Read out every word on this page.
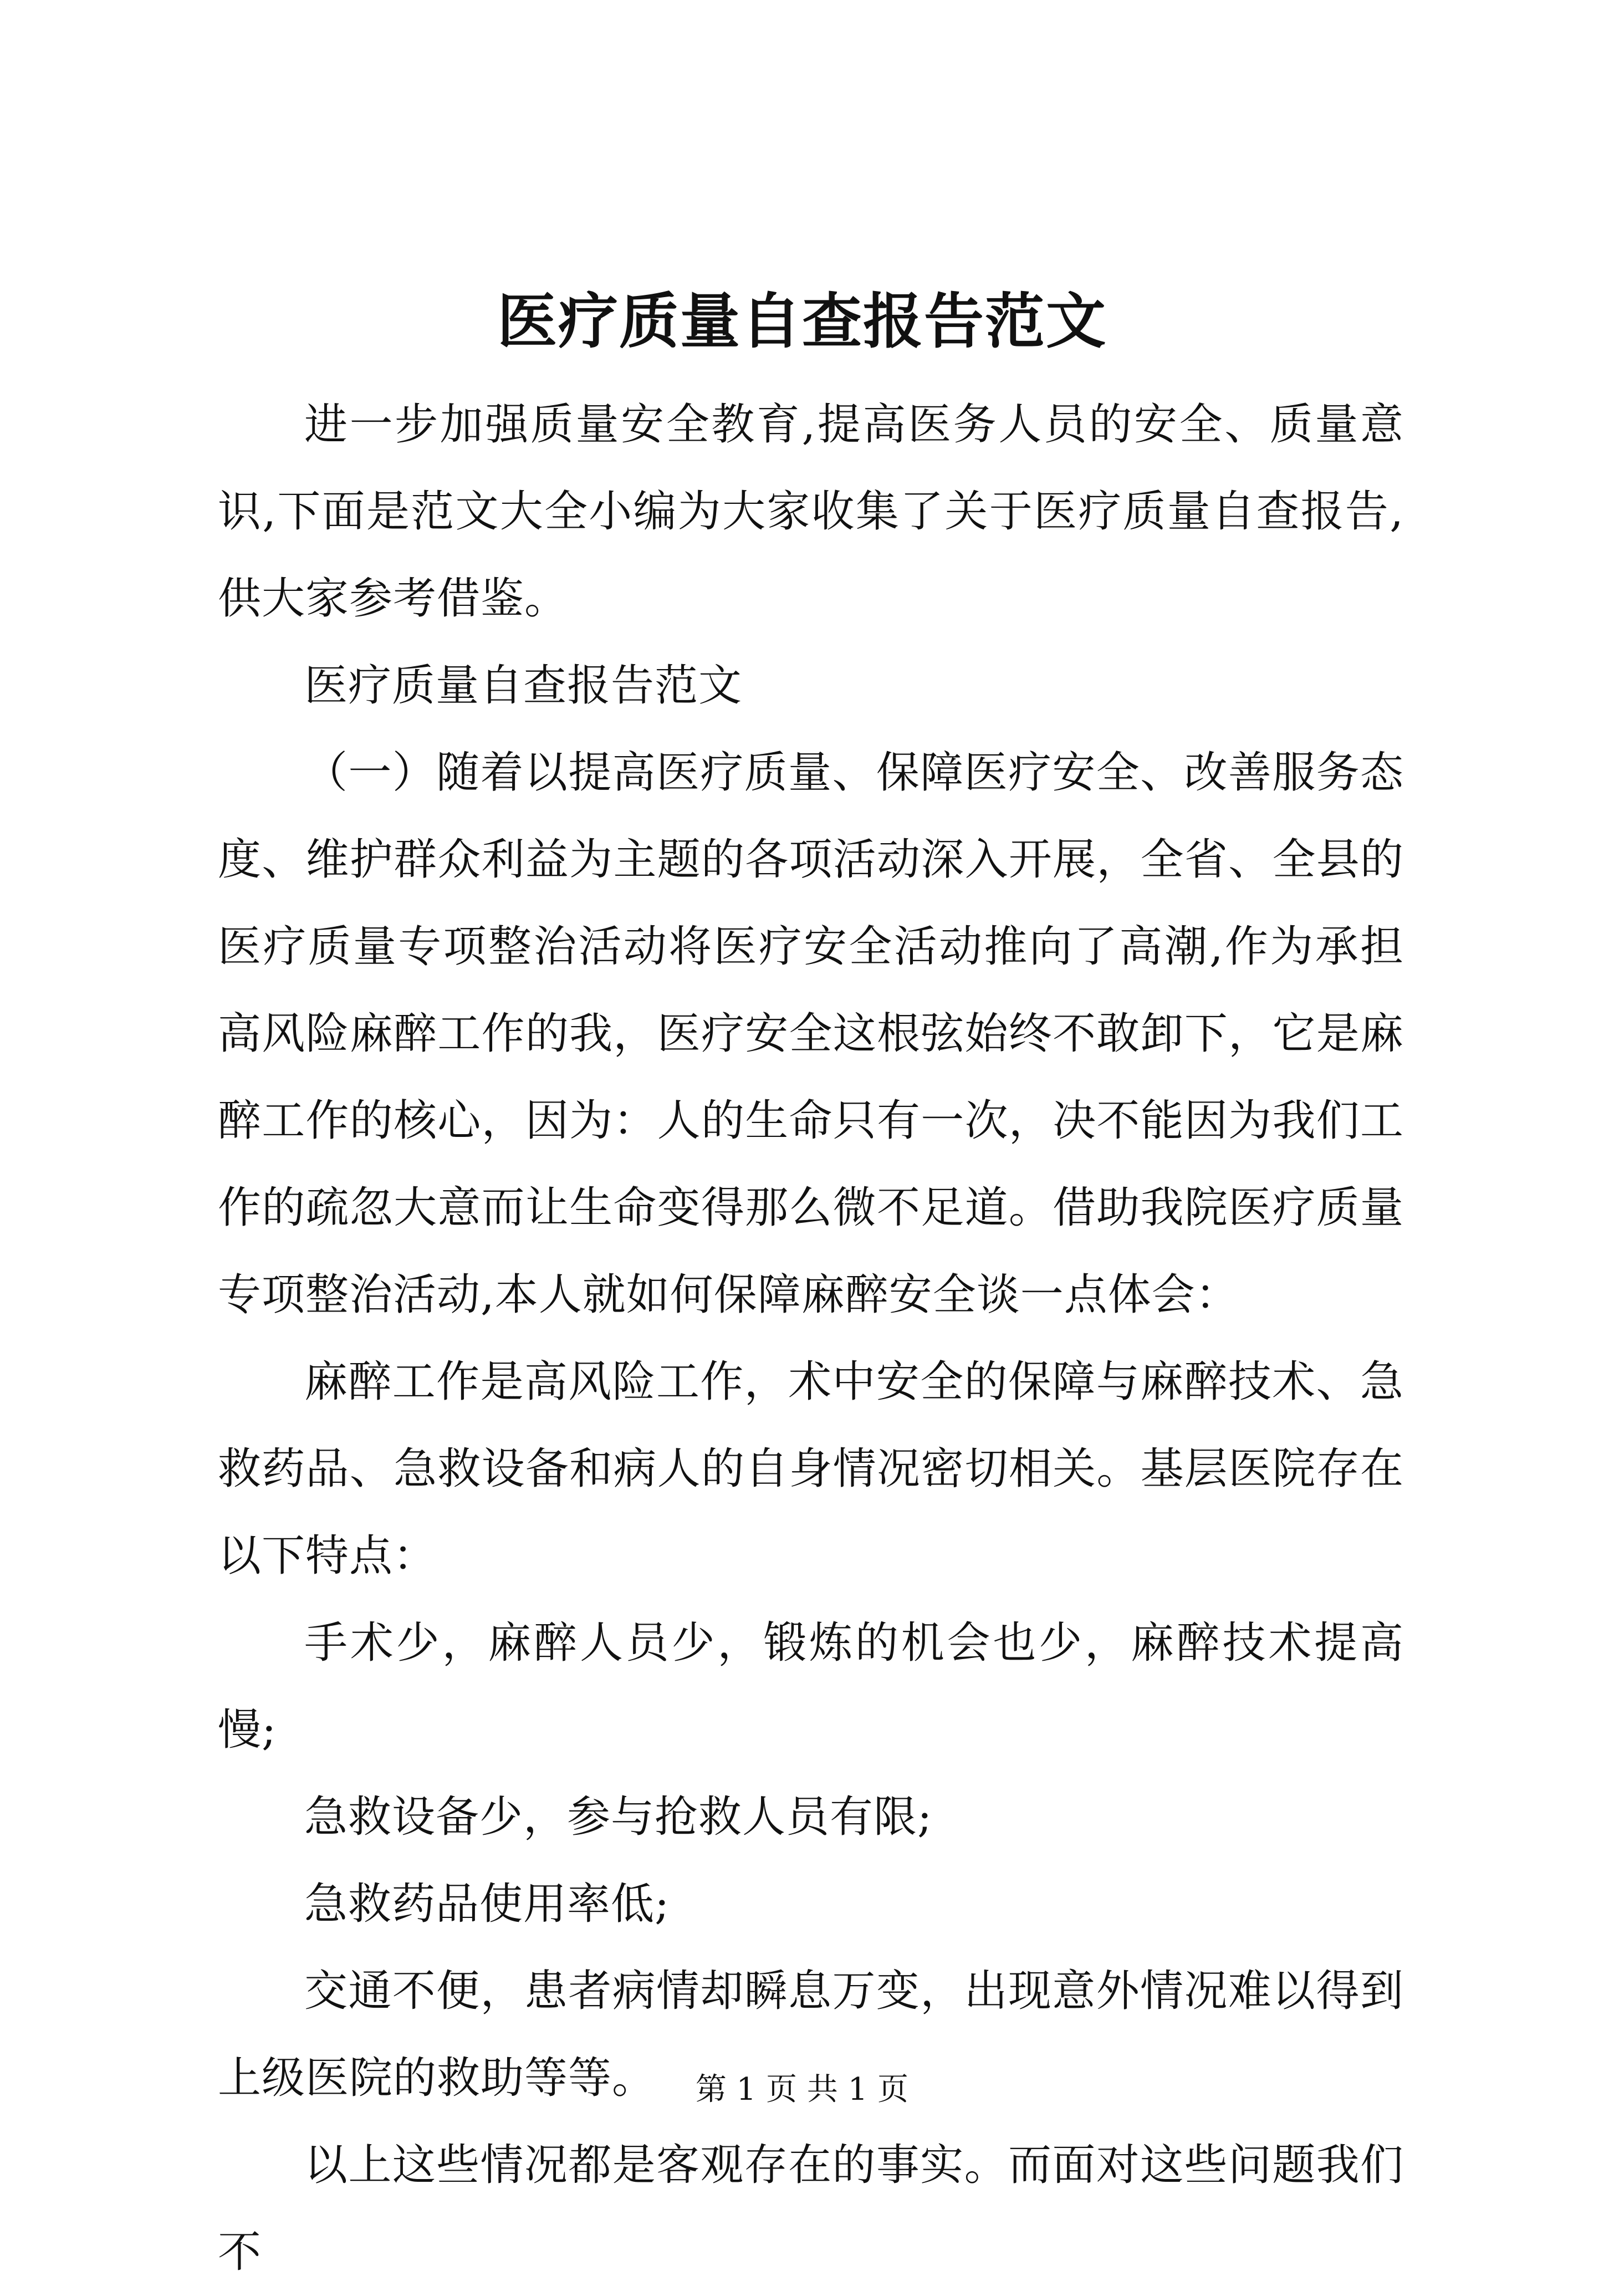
医疗质量自查报告范文

进一步加强质量安全教育,提高医务人员的安全、质量意识,下面是范文大全小编为大家收集了关于医疗质量自查报告,供大家参考借鉴。

医疗质量自查报告范文

（一）随着以提高医疗质量、保障医疗安全、改善服务态度、维护群众利益为主题的各项活动深入开展，全省、全县的医疗质量专项整治活动将医疗安全活动推向了高潮,作为承担高风险麻醉工作的我，医疗安全这根弦始终不敢卸下，它是麻醉工作的核心，因为：人的生命只有一次，决不能因为我们工作的疏忽大意而让生命变得那么微不足道。借助我院医疗质量专项整治活动,本人就如何保障麻醉安全谈一点体会：

麻醉工作是高风险工作，术中安全的保障与麻醉技术、急救药品、急救设备和病人的自身情况密切相关。基层医院存在以下特点：

手术少，麻醉人员少，锻炼的机会也少，麻醉技术提高慢;

急救设备少，参与抢救人员有限;

急救药品使用率低;

交通不便，患者病情却瞬息万变，出现意外情况难以得到上级医院的救助等等。

以上这些情况都是客观存在的事实。而面对这些问题我们不

第 1 页 共 1 页
